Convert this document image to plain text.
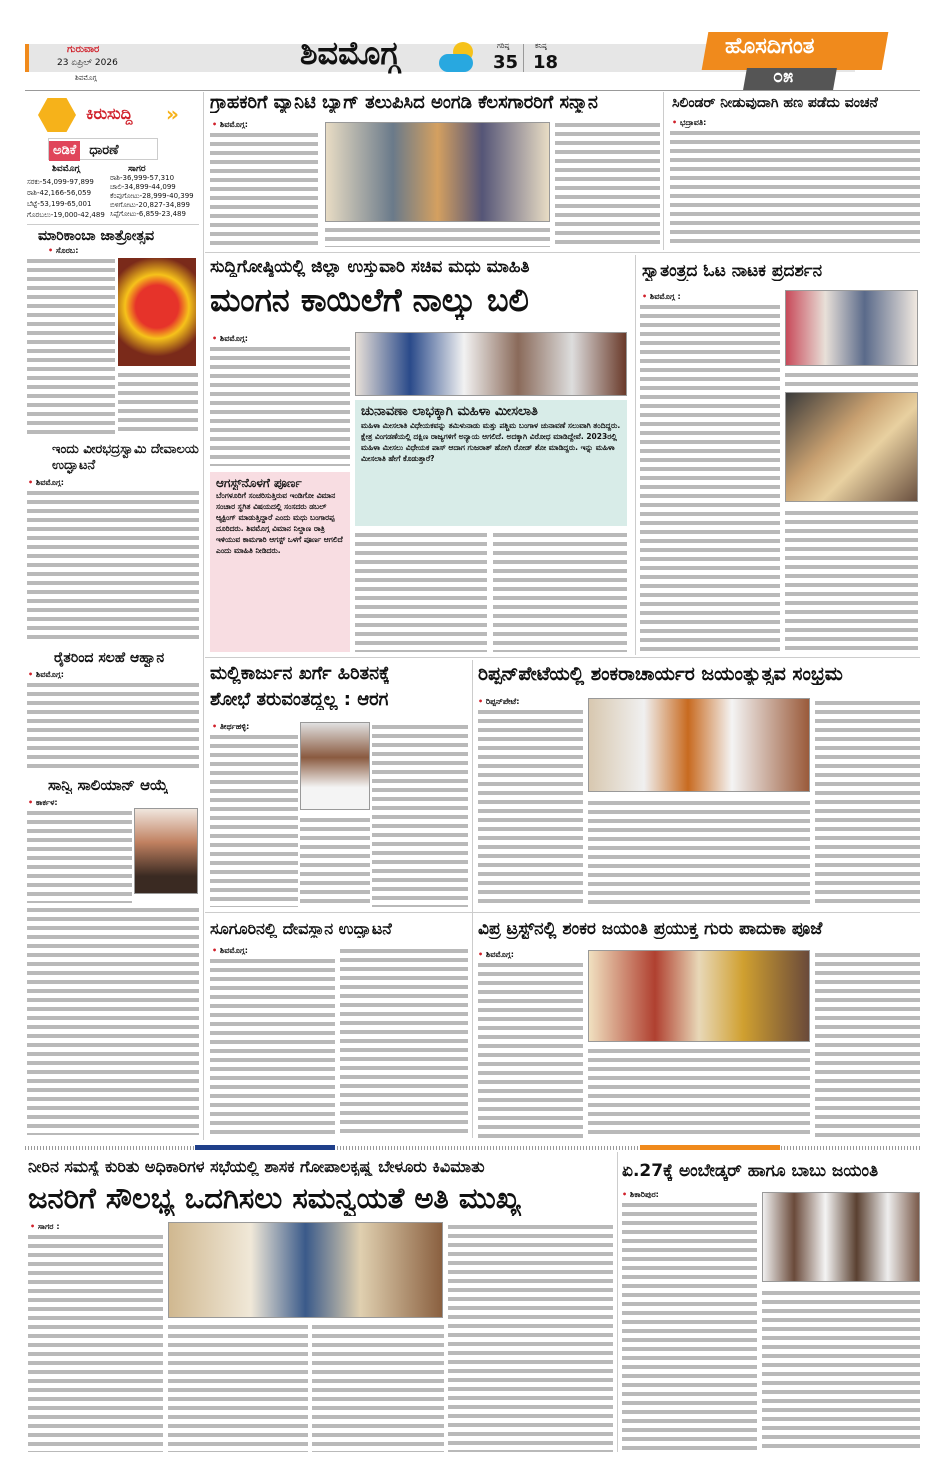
ಗುರುವಾರ
23 ಏಪ್ರಿಲ್ 2026
ಶಿವಮೊಗ್ಗ
ಶಿವಮೊಗ್ಗ	ಗರಿಷ್ಠ
35
ಕನಿಷ್ಠ
18
ಹೊಸದಿಗಂತ
೦೫
ಕಿರುಸುದ್ದಿ »
ಅಡಿಕೆ ಧಾರಣೆ
ಶಿವಮೊಗ್ಗ	ಸಾಗರ
ಸರಕು-54,099-97,899
ರಾಶಿ-42,166-56,059
ಬೆಟ್ಟೆ-53,199-65,001
ಗೊರಬಲು-19,000-42,489
ರಾಶಿ-36,999-57,310
ಚಾಲಿ-34,899-44,099
ಕೆಂಪುಗೋಟು-28,999-40,399
ಬಿಳಿಗೋಟು-20,827-34,899
ಸಿಪ್ಪೆಗೋಟು-6,859-23,489
ಮಾರಿಕಾಂಬಾ ಜಾತ್ರೋತ್ಸವ
• ಸೊರಬ:
ಇಂದು ವೀರಭದ್ರಸ್ವಾಮಿ ದೇವಾಲಯ ಉದ್ಘಾಟನೆ
• ಶಿವಮೊಗ್ಗ:
ರೈತರಿಂದ ಸಲಹೆ ಆಹ್ವಾನ
• ಶಿವಮೊಗ್ಗ:
ಸಾನ್ವಿ ಸಾಲಿಯಾನ್ ಆಯ್ಕೆ
• ಕಾರ್ಕಳ:
ಗ್ರಾಹಕರಿಗೆ ವ್ಯಾನಿಟಿ ಬ್ಯಾಗ್ ತಲುಪಿಸಿದ ಅಂಗಡಿ ಕೆಲಸಗಾರರಿಗೆ ಸನ್ಮಾನ
• ಶಿವಮೊಗ್ಗ:
ಸಿಲಿಂಡರ್ ನೀಡುವುದಾಗಿ ಹಣ ಪಡೆದು ವಂಚನೆ
• ಭದ್ರಾವತಿ:
ಸುದ್ದಿಗೋಷ್ಠಿಯಲ್ಲಿ ಜಿಲ್ಲಾ ಉಸ್ತುವಾರಿ ಸಚಿವ ಮಧು ಮಾಹಿತಿ
ಮಂಗನ ಕಾಯಿಲೆಗೆ ನಾಲ್ಕು ಬಲಿ
• ಶಿವಮೊಗ್ಗ:
ಚುನಾವಣಾ ಲಾಭಕ್ಕಾಗಿ ಮಹಿಳಾ ಮೀಸಲಾತಿ
ಮಹಿಳಾ ಮೀಸಲಾತಿ ವಿಧೇಯಕವನ್ನು ತಮಿಳುನಾಡು ಮತ್ತು ಪಶ್ಚಿಮ ಬಂಗಾಳ ಚುನಾವಣೆ ಸಲುವಾಗಿ ತಂದಿದ್ದರು. ಕ್ಷೇತ್ರ ವಿಂಗಡಣೆಯಲ್ಲಿ ದಕ್ಷಿಣ ರಾಜ್ಯಗಳಿಗೆ ಅನ್ಯಾಯ ಆಗಲಿದೆ. ಅದಕ್ಕಾಗಿ ವಿರೋಧ ಮಾಡಿದ್ದೇವೆ. 2023ರಲ್ಲಿ ಮಹಿಳಾ ಮೀಸಲು ವಿಧೇಯಕ ಪಾಸ್ ಆದಾಗ ಗುಜರಾತ್ ಹೋಗಿ ರೋಡ್ ಶೋ ಮಾಡಿದ್ದರು. ಇನ್ನು ಮಹಿಳಾ ಮೀಸಲಾತಿ ಹೇಗೆ ಕೊಡುತ್ತಾರೆ?
ಆಗಸ್ಟ್‌ನೊಳಗೆ ಪೂರ್ಣ
ಬೆಂಗಳೂರಿಗೆ ಸಂಚರಿಸುತ್ತಿರುವ ಇಂಡಿಗೋ ವಿಮಾನ ಸಂಚಾರ ಸ್ಥಗಿತ ವಿಷಯದಲ್ಲಿ ಸಂಸದರು ಡಬಲ್ ಆ್ಯಕ್ಟಿಂಗ್ ಮಾಡುತ್ತಿದ್ದಾರೆ ಎಂದು ಮಧು ಬಂಗಾರಪ್ಪ ದೂರಿದರು. ಶಿವಮೊಗ್ಗ ವಿಮಾನ ನಿಲ್ದಾಣ ರಾತ್ರಿ ಇಳಿಯುವ ಕಾಮಗಾರಿ ಆಗಸ್ಟ್ ಒಳಗೆ ಪೂರ್ಣ ಆಗಲಿದೆ ಎಂದು ಮಾಹಿತಿ ನೀಡಿದರು.
ಸ್ವಾತಂತ್ರ್ಯದ ಓಟ ನಾಟಕ ಪ್ರದರ್ಶನ
• ಶಿವಮೊಗ್ಗ :
ಮಲ್ಲಿಕಾರ್ಜುನ ಖರ್ಗೆ ಹಿರಿತನಕ್ಕೆ
ಶೋಭೆ ತರುವಂತದ್ದಲ್ಲ : ಆರಗ
• ತೀರ್ಥಹಳ್ಳಿ:
ರಿಪ್ಪನ್‌ಪೇಟೆಯಲ್ಲಿ ಶಂಕರಾಚಾರ್ಯರ ಜಯಂತ್ಯುತ್ಸವ ಸಂಭ್ರಮ
• ರಿಪ್ಪನ್‌ಪೇಟೆ:
ಸೂಗೂರಿನಲ್ಲಿ ದೇವಸ್ಥಾನ ಉದ್ಘಾಟನೆ
• ಶಿವಮೊಗ್ಗ:
ವಿಪ್ರ ಟ್ರಸ್ಟ್‌ನಲ್ಲಿ ಶಂಕರ ಜಯಂತಿ ಪ್ರಯುಕ್ತ ಗುರು ಪಾದುಕಾ ಪೂಜೆ
• ಶಿವಮೊಗ್ಗ:
ನೀರಿನ ಸಮಸ್ಯೆ ಕುರಿತು ಅಧಿಕಾರಿಗಳ ಸಭೆಯಲ್ಲಿ ಶಾಸಕ ಗೋಪಾಲಕೃಷ್ಣ ಬೇಳೂರು ಕಿವಿಮಾತು
ಜನರಿಗೆ ಸೌಲಭ್ಯ ಒದಗಿಸಲು ಸಮನ್ವಯತೆ ಅತಿ ಮುಖ್ಯ
• ಸಾಗರ :
ಏ.27ಕ್ಕೆ ಅಂಬೇಡ್ಕರ್ ಹಾಗೂ ಬಾಬು ಜಯಂತಿ
• ಶಿಕಾರಿಪುರ:
